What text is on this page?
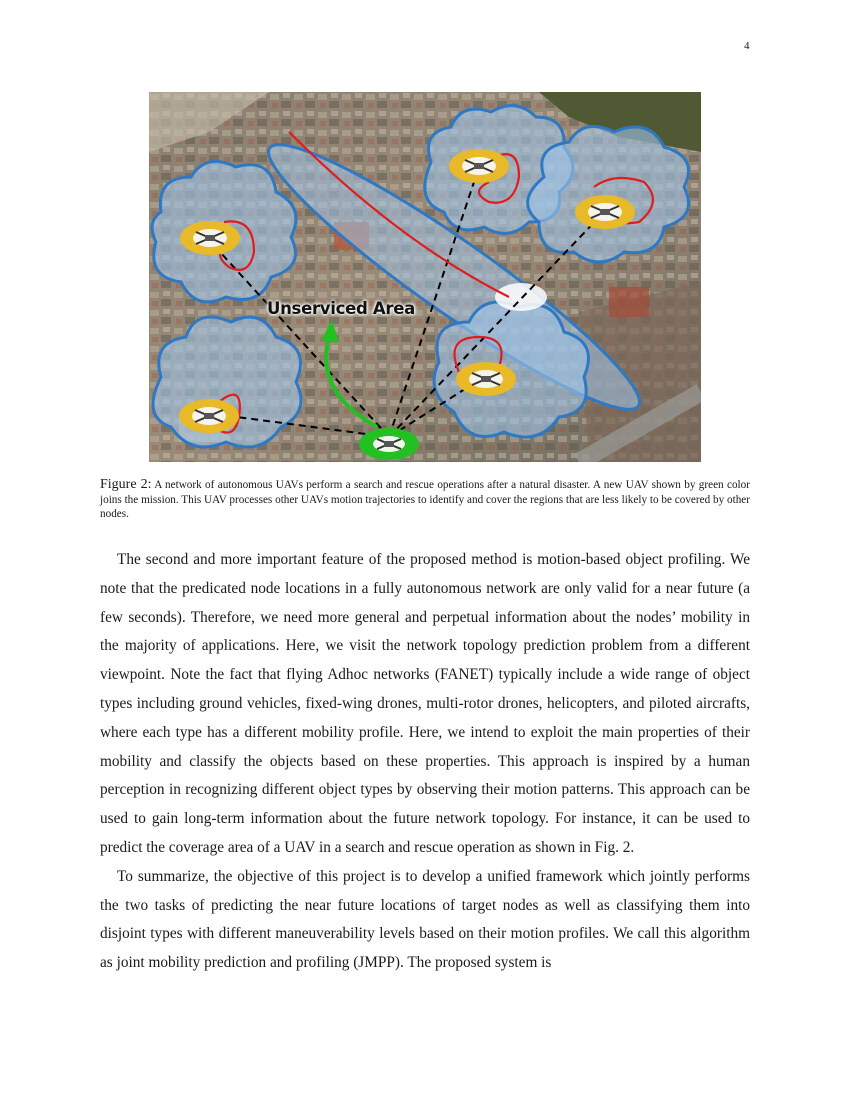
4
Unserviced Area
Figure 2: A network of autonomous UAVs perform a search and rescue operations after a natural disaster. A new UAV shown by green color joins the mission. This UAV processes other UAVs motion trajectories to identify and cover the regions that are less likely to be covered by other nodes.

The second and more important feature of the proposed method is motion-based object profiling. We note that the predicated node locations in a fully autonomous network are only valid for a near future (a few seconds). Therefore, we need more general and perpetual information about the nodes’ mobility in the majority of applications. Here, we visit the network topology prediction problem from a different viewpoint. Note the fact that flying Adhoc networks (FANET) typically include a wide range of object types including ground vehicles, fixed-wing drones, multi-rotor drones, helicopters, and piloted aircrafts, where each type has a different mobility profile. Here, we intend to exploit the main properties of their mobility and classify the objects based on these properties. This approach is inspired by a human perception in recognizing different object types by observing their motion patterns. This approach can be used to gain long-term information about the future network topology. For instance, it can be used to predict the coverage area of a UAV in a search and rescue operation as shown in Fig. 2.

To summarize, the objective of this project is to develop a unified framework which jointly performs the two tasks of predicting the near future locations of target nodes as well as classifying them into disjoint types with different maneuverability levels based on their motion profiles. We call this algorithm as joint mobility prediction and profiling (JMPP). The proposed system is
